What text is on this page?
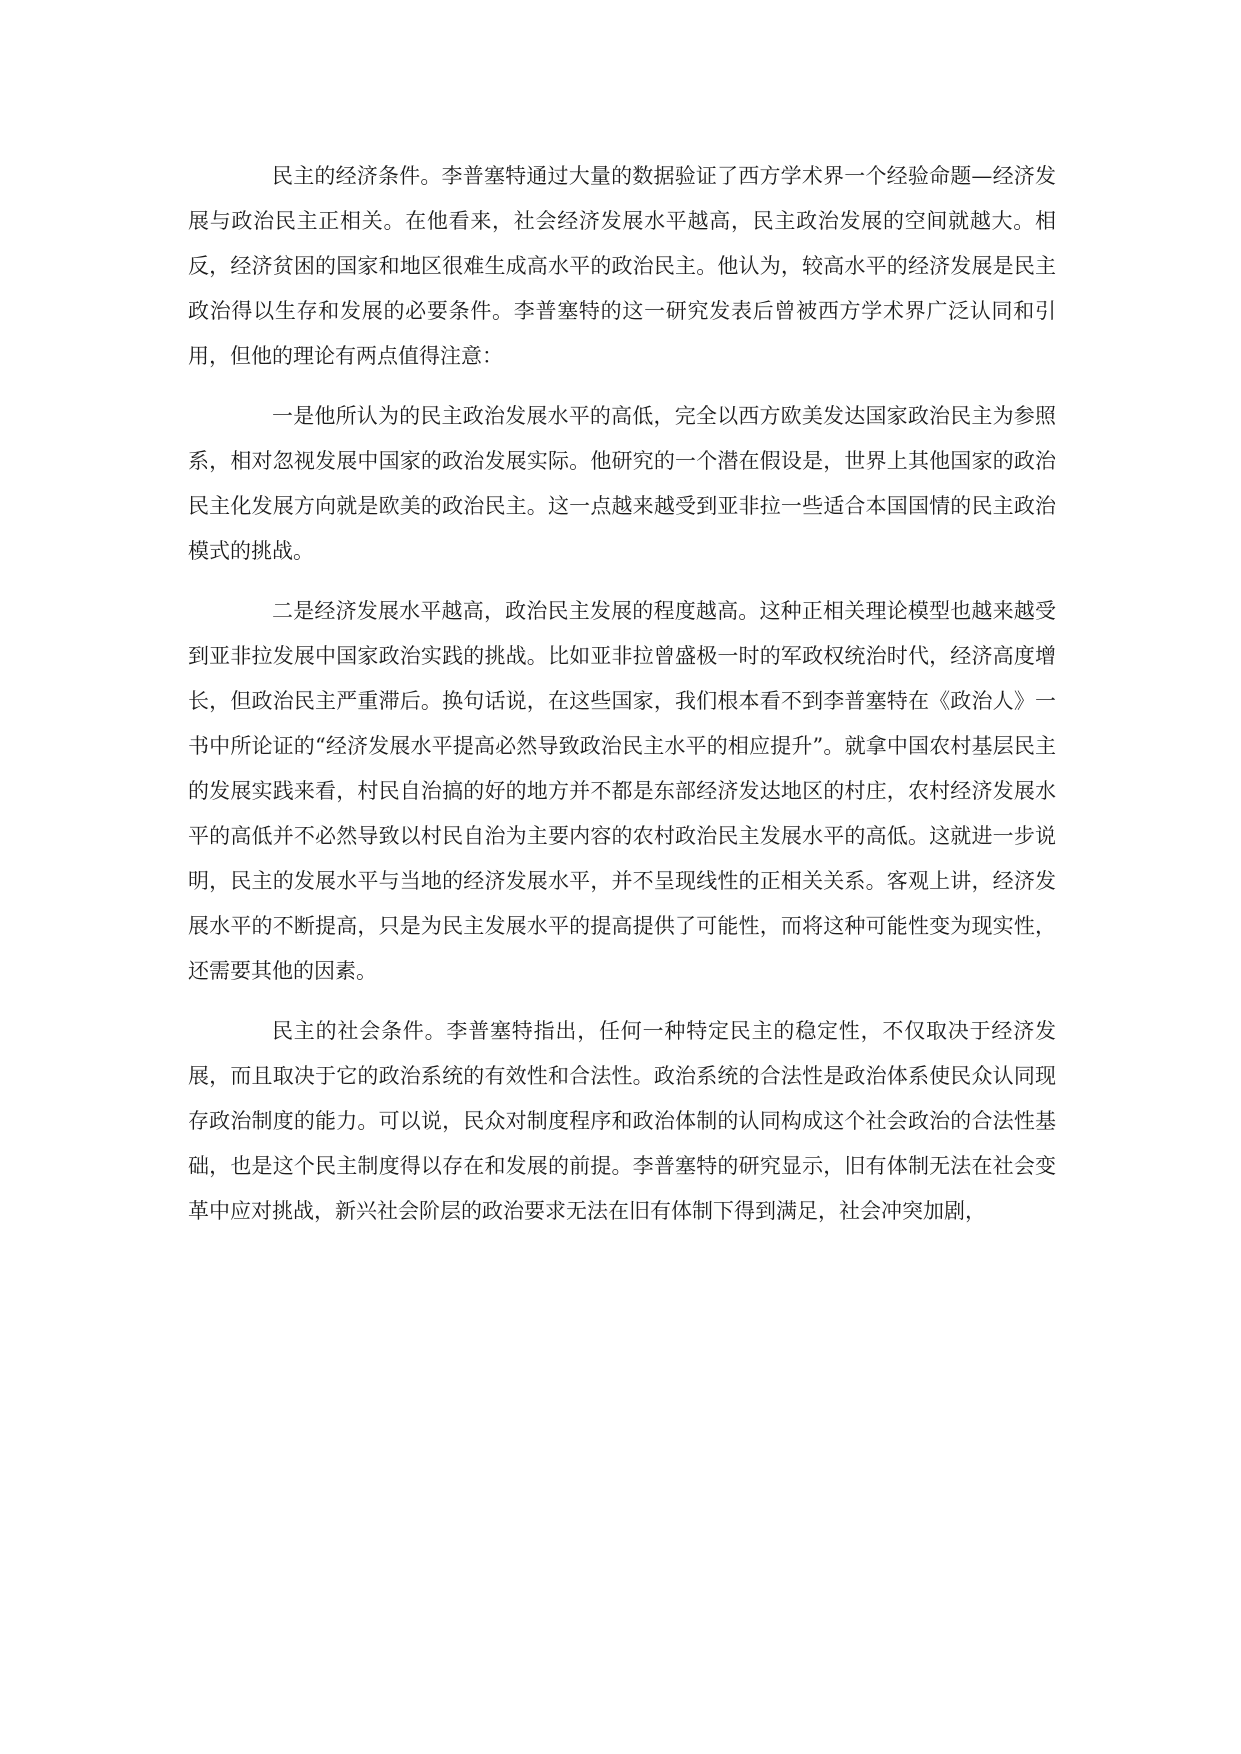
民主的经济条件。李普塞特通过大量的数据验证了西方学术界一个经验命题—经济发展与政治民主正相关。在他看来，社会经济发展水平越高，民主政治发展的空间就越大。相反，经济贫困的国家和地区很难生成高水平的政治民主。他认为，较高水平的经济发展是民主政治得以生存和发展的必要条件。李普塞特的这一研究发表后曾被西方学术界广泛认同和引用，但他的理论有两点值得注意：

一是他所认为的民主政治发展水平的高低，完全以西方欧美发达国家政治民主为参照系，相对忽视发展中国家的政治发展实际。他研究的一个潜在假设是，世界上其他国家的政治民主化发展方向就是欧美的政治民主。这一点越来越受到亚非拉一些适合本国国情的民主政治模式的挑战。

二是经济发展水平越高，政治民主发展的程度越高。这种正相关理论模型也越来越受到亚非拉发展中国家政治实践的挑战。比如亚非拉曾盛极一时的军政权统治时代，经济高度增长，但政治民主严重滞后。换句话说，在这些国家，我们根本看不到李普塞特在《政治人》一书中所论证的“经济发展水平提高必然导致政治民主水平的相应提升”。就拿中国农村基层民主的发展实践来看，村民自治搞的好的地方并不都是东部经济发达地区的村庄，农村经济发展水平的高低并不必然导致以村民自治为主要内容的农村政治民主发展水平的高低。这就进一步说明，民主的发展水平与当地的经济发展水平，并不呈现线性的正相关关系。客观上讲，经济发展水平的不断提高，只是为民主发展水平的提高提供了可能性，而将这种可能性变为现实性，还需要其他的因素。

民主的社会条件。李普塞特指出，任何一种特定民主的稳定性，不仅取决于经济发展，而且取决于它的政治系统的有效性和合法性。政治系统的合法性是政治体系使民众认同现存政治制度的能力。可以说，民众对制度程序和政治体制的认同构成这个社会政治的合法性基础，也是这个民主制度得以存在和发展的前提。李普塞特的研究显示，旧有体制无法在社会变革中应对挑战，新兴社会阶层的政治要求无法在旧有体制下得到满足，社会冲突加剧，
